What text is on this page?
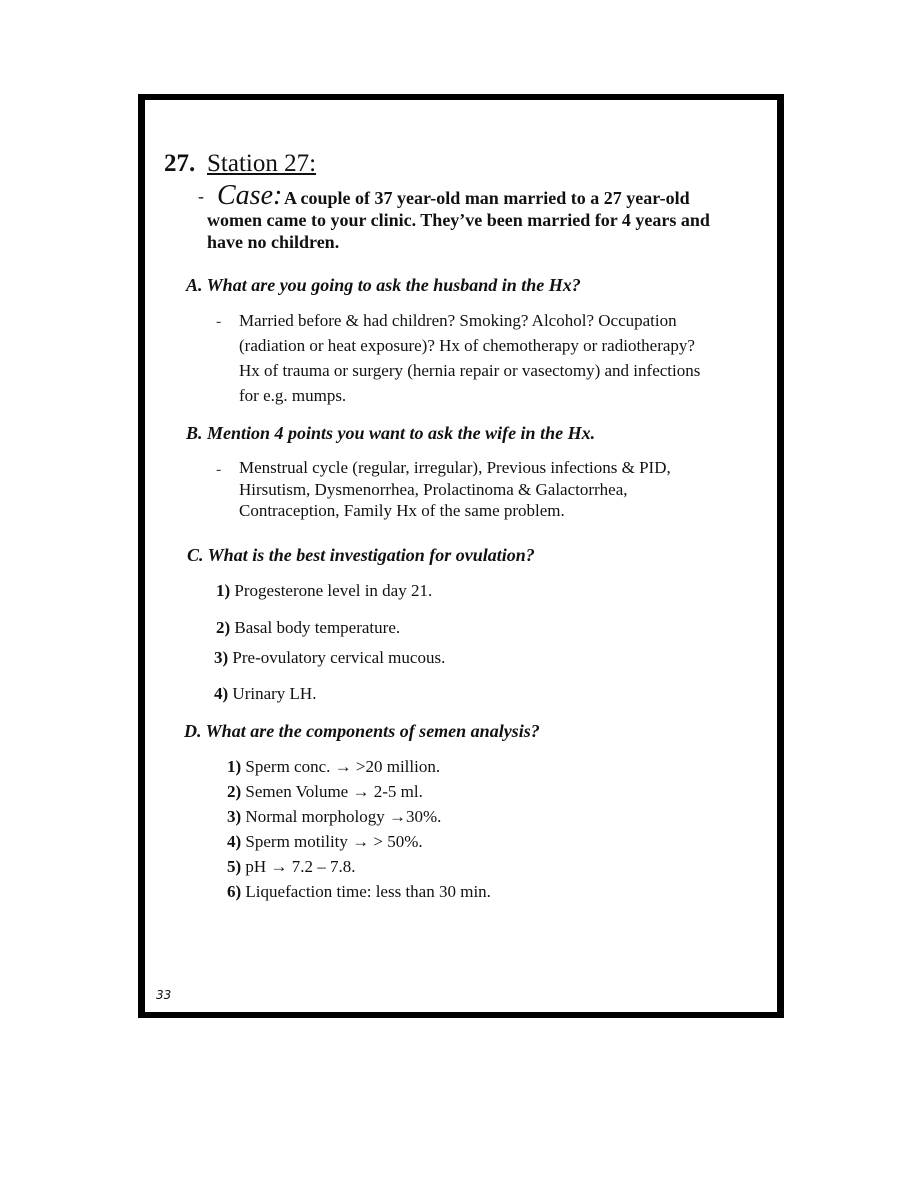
27. Station 27:
- Case: A couple of 37 year-old man married to a 27 year-old
women came to your clinic. They’ve been married for 4 years and
have no children.
A. What are you going to ask the husband in the Hx?
- Married before & had children? Smoking? Alcohol? Occupation
(radiation or heat exposure)? Hx of chemotherapy or radiotherapy?
Hx of trauma or surgery (hernia repair or vasectomy) and infections
for e.g. mumps.
B. Mention 4 points you want to ask the wife in the Hx.
- Menstrual cycle (regular, irregular), Previous infections & PID,
Hirsutism, Dysmenorrhea, Prolactinoma & Galactorrhea,
Contraception, Family Hx of the same problem.
C. What is the best investigation for ovulation?
1) Progesterone level in day 21.
2) Basal body temperature.
3) Pre-ovulatory cervical mucous.
4) Urinary LH.
D. What are the components of semen analysis?
1) Sperm conc. → >20 million.
2) Semen Volume → 2-5 ml.
3) Normal morphology →30%.
4) Sperm motility → > 50%.
5) pH → 7.2 – 7.8.
6) Liquefaction time: less than 30 min.
33
